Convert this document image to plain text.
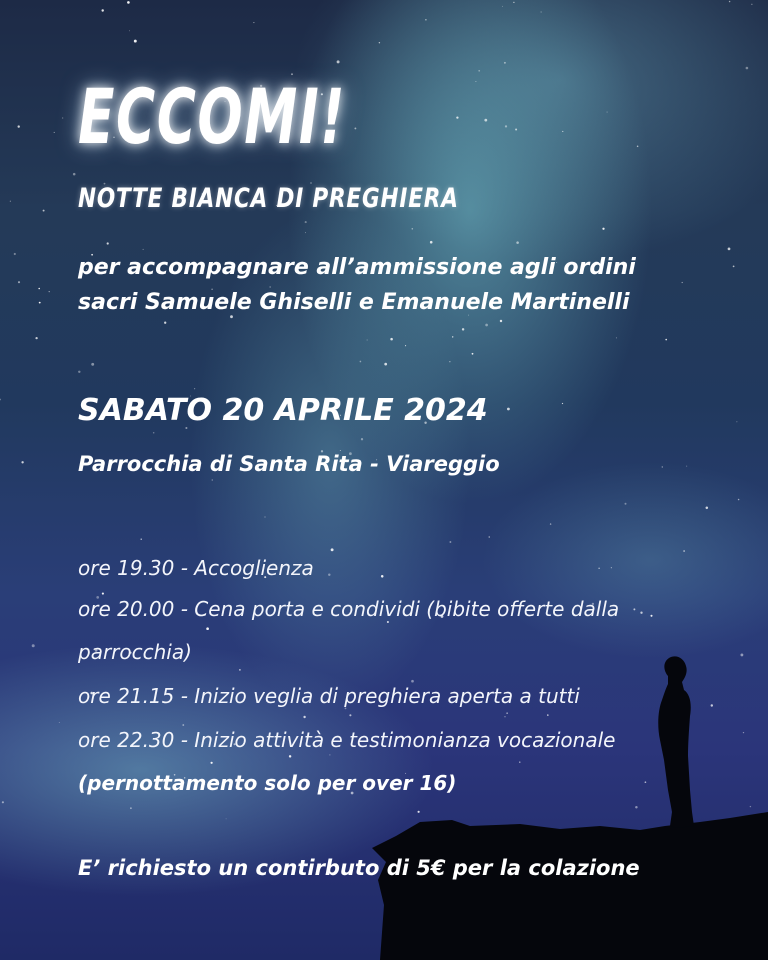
ECCOMI!
NOTTE BIANCA DI PREGHIERA
per accompagnare all’ammissione agli ordini
sacri Samuele Ghiselli e Emanuele Martinelli
SABATO 20 APRILE 2024
Parrocchia di Santa Rita - Viareggio
ore 19.30 - Accoglienza
ore 20.00 - Cena porta e condividi (bibite offerte dalla
parrocchia)
ore 21.15 - Inizio veglia di preghiera aperta a tutti
ore 22.30 - Inizio attività e testimonianza vocazionale
(pernottamento solo per over 16)
E’ richiesto un contirbuto di 5€ per la colazione
